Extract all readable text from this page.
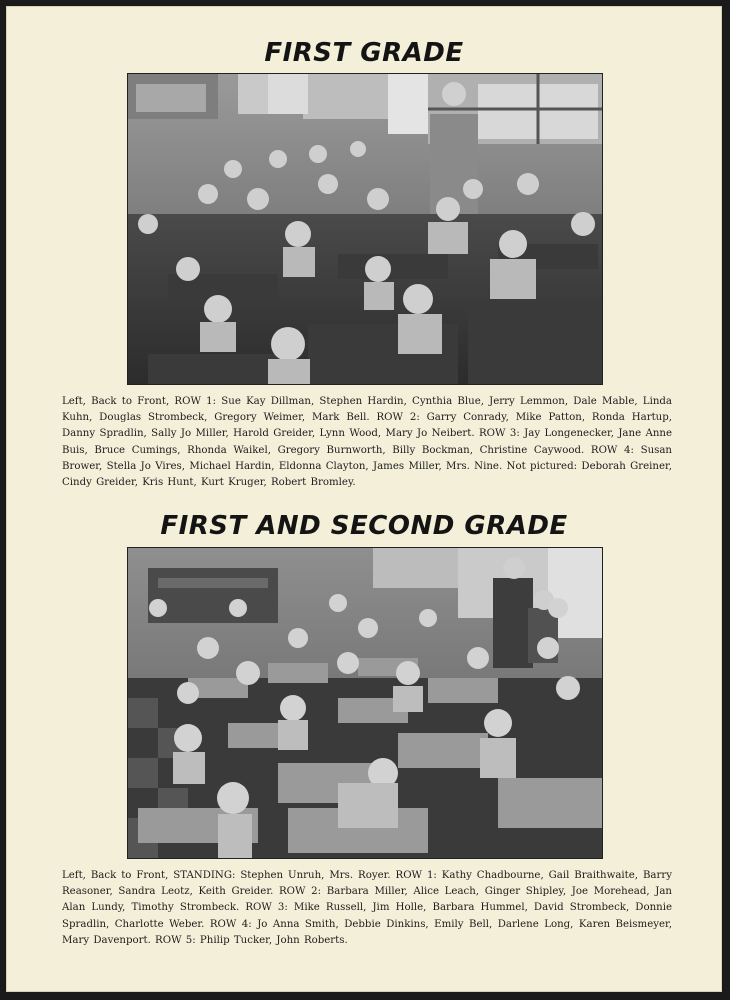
FIRST GRADE
Left, Back to Front, ROW 1: Sue Kay Dillman, Stephen Hardin, Cynthia Blue, Jerry Lemmon, Dale Mable, Linda Kuhn, Douglas Strombeck, Gregory Weimer, Mark Bell. ROW 2: Garry Conrady, Mike Patton, Ronda Hartup, Danny Spradlin, Sally Jo Miller, Harold Greider, Lynn Wood, Mary Jo Neibert. ROW 3: Jay Longenecker, Jane Anne Buis, Bruce Cumings, Rhonda Waikel, Gregory Burnworth, Billy Bockman, Christine Caywood. ROW 4: Susan Brower, Stella Jo Vires, Michael Hardin, Eldonna Clayton, James Miller, Mrs. Nine. Not pictured: Deborah Greiner, Cindy Greider, Kris Hunt, Kurt Kruger, Robert Bromley.
FIRST AND SECOND GRADE
Left, Back to Front, STANDING: Stephen Unruh, Mrs. Royer. ROW 1: Kathy Chadbourne, Gail Braithwaite, Barry Reasoner, Sandra Leotz, Keith Greider. ROW 2: Barbara Miller, Alice Leach, Ginger Shipley, Joe Morehead, Jan Alan Lundy, Timothy Strombeck. ROW 3: Mike Russell, Jim Holle, Barbara Hummel, David Strombeck, Donnie Spradlin, Charlotte Weber. ROW 4: Jo Anna Smith, Debbie Dinkins, Emily Bell, Darlene Long, Karen Beismeyer, Mary Davenport. ROW 5: Philip Tucker, John Roberts.
